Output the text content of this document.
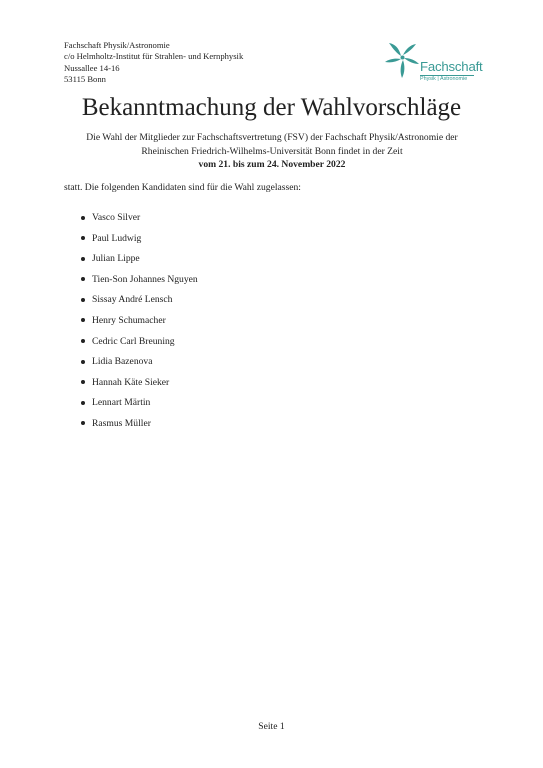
Fachschaft Physik/Astronomie
c/o Helmholtz-Institut für Strahlen- und Kernphysik
Nussallee 14-16
53115 Bonn
Fachschaft
Physik | Astronomie
Bekanntmachung der Wahlvorschläge
Die Wahl der Mitglieder zur Fachschaftsvertretung (FSV) der Fachschaft Physik/Astronomie der
Rheinischen Friedrich-Wilhelms-Universität Bonn findet in der Zeit
vom 21. bis zum 24. November 2022
statt. Die folgenden Kandidaten sind für die Wahl zugelassen:
Vasco Silver
Paul Ludwig
Julian Lippe
Tien-Son Johannes Nguyen
Sissay André Lensch
Henry Schumacher
Cedric Carl Breuning
Lidia Bazenova
Hannah Käte Sieker
Lennart Märtin
Rasmus Müller
Seite 1
